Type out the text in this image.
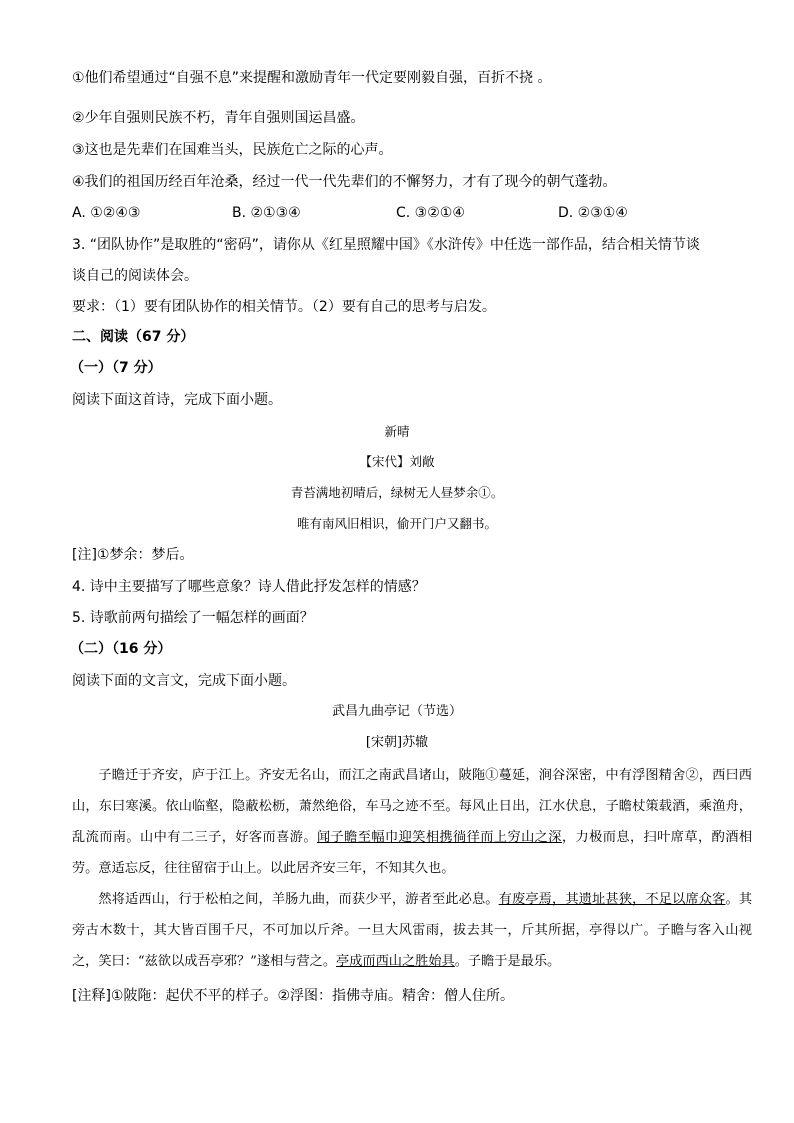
①他们希望通过“自强不息”来提醒和激励青年一代定要刚毅自强，百折不挠 。
②少年自强则民族不朽，青年自强则国运昌盛。
③这也是先辈们在国难当头，民族危亡之际的心声。
④我们的祖国历经百年沧桑，经过一代一代先辈们的不懈努力，才有了现今的朝气蓬勃。
A. ①②④③	B. ②①③④	C. ③②①④	D. ②③①④
3. “团队协作”是取胜的“密码”，请你从《红星照耀中国》《水浒传》中任选一部作品，结合相关情节谈
谈自己的阅读体会。
要求：（1）要有团队协作的相关情节。（2）要有自己的思考与启发。
二、阅读（67 分）
（一）（7 分）
阅读下面这首诗，完成下面小题。
新晴
【宋代】刘敞
青苔满地初晴后，绿树无人昼梦余①。
唯有南风旧相识，偷开门户又翻书。
[注]①梦余：梦后。
4. 诗中主要描写了哪些意象？诗人借此抒发怎样的情感？
5. 诗歌前两句描绘了一幅怎样的画面？
（二）（16 分）
阅读下面的文言文，完成下面小题。
武昌九曲亭记（节选）
[宋朝]苏辙

子瞻迁于齐安，庐于江上。齐安无名山，而江之南武昌诸山，陂陁①蔓延，涧谷深密，中有浮图精舍②，西曰西山，东曰寒溪。依山临壑，隐蔽松枥，萧然绝俗，车马之迹不至。每风止日出，江水伏息，子瞻杖策载酒，乘渔舟，乱流而南。山中有二三子，好客而喜游。闻子瞻至幅巾迎笑相携徜徉而上穷山之深，力极而息，扫叶席草，酌酒相劳。意适忘反，往往留宿于山上。以此居齐安三年，不知其久也。

然将适西山，行于松柏之间，羊肠九曲，而获少平，游者至此必息。有废亭焉，其遗址甚狭，不足以席众客。其旁古木数十，其大皆百围千尺，不可加以斤斧。一旦大风雷雨，拔去其一，斤其所据，亭得以广。子瞻与客入山视之，笑曰：“兹欲以成吾亭邪？”遂相与营之。亭成而西山之胜始具。子瞻于是最乐。

[注释]①陂陁：起伏不平的样子。②浮图：指佛寺庙。精舍：僧人住所。
